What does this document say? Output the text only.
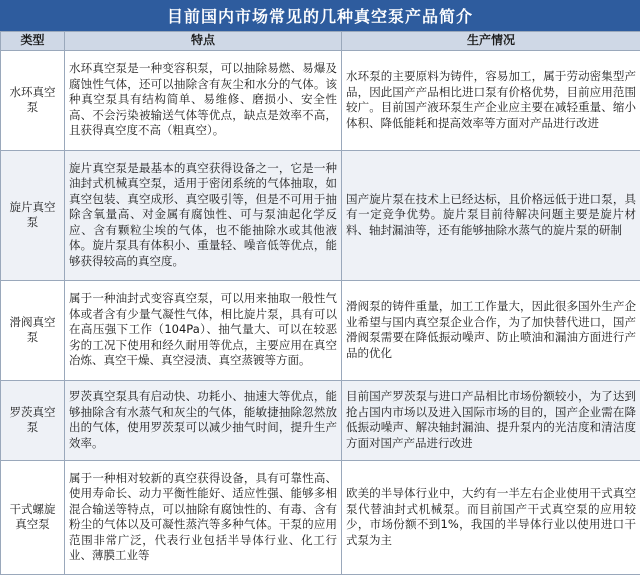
目前国内市场常见的几种真空泵产品简介
类型	特点	生产情况
水环真空泵	水环真空泵是一种变容积泵，可以抽除易燃、易爆及腐蚀性气体，还可以抽除含有灰尘和水分的气体。该种真空泵具有结构简单、易维修、磨损小、安全性高、不会污染被输送气体等优点，缺点是效率不高，且获得真空度不高（粗真空）。	水环泵的主要原料为铸件，容易加工，属于劳动密集型产品，因此国产产品相比进口泵有价格优势，目前应用范围较广。目前国产液环泵生产企业应主要在减轻重量、缩小体积、降低能耗和提高效率等方面对产品进行改进
旋片真空泵	旋片真空泵是最基本的真空获得设备之一，它是一种油封式机械真空泵，适用于密闭系统的气体抽取，如真空包装、真空成形、真空吸引等，但是不可用于抽除含氧量高、对金属有腐蚀性、可与泵油起化学反应、含有颗粒尘埃的气体，也不能抽除水或其他液体。旋片泵具有体积小、重量轻、噪音低等优点，能够获得较高的真空度。	国产旋片泵在技术上已经达标，且价格远低于进口泵，具有一定竞争优势。旋片泵目前待解决问题主要是旋片材料、轴封漏油等，还有能够抽除水蒸气的旋片泵的研制
滑阀真空泵	属于一种油封式变容真空泵，可以用来抽取一般性气体或者含有少量气凝性气体，相比旋片泵，具有可以在高压强下工作（104Pa）、抽气量大、可以在较恶劣的工况下使用和经久耐用等优点，主要应用在真空冶炼、真空干燥、真空浸渍、真空蒸镀等方面。	滑阀泵的铸件重量，加工工作量大，因此很多国外生产企业希望与国内真空泵企业合作，为了加快替代进口，国产滑阀泵需要在降低振动噪声、防止喷油和漏油方面进行产品的优化
罗茨真空泵	罗茨真空泵具有启动快、功耗小、抽速大等优点，能够抽除含有水蒸气和灰尘的气体，能敏捷抽除忽然放出的气体，使用罗茨泵可以减少抽气时间，提升生产效率。	目前国产罗茨泵与进口产品相比市场份额较小，为了达到抢占国内市场以及进入国际市场的目的，国产企业需在降低振动噪声、解决轴封漏油、提升泵内的光洁度和清洁度方面对国产产品进行改进
干式螺旋真空泵	属于一种相对较新的真空获得设备，具有可靠性高、使用寿命长、动力平衡性能好、适应性强、能够多相混合输送等特点，可以抽除有腐蚀性的、有毒、含有粉尘的气体以及可凝性蒸汽等多种气体。干泵的应用范围非常广泛，代表行业包括半导体行业、化工行业、薄膜工业等	欧美的半导体行业中，大约有一半左右企业使用干式真空泵代替油封式机械泵。而目前国产干式真空泵的应用较少，市场份额不到1%，我国的半导体行业以使用进口干式泵为主
